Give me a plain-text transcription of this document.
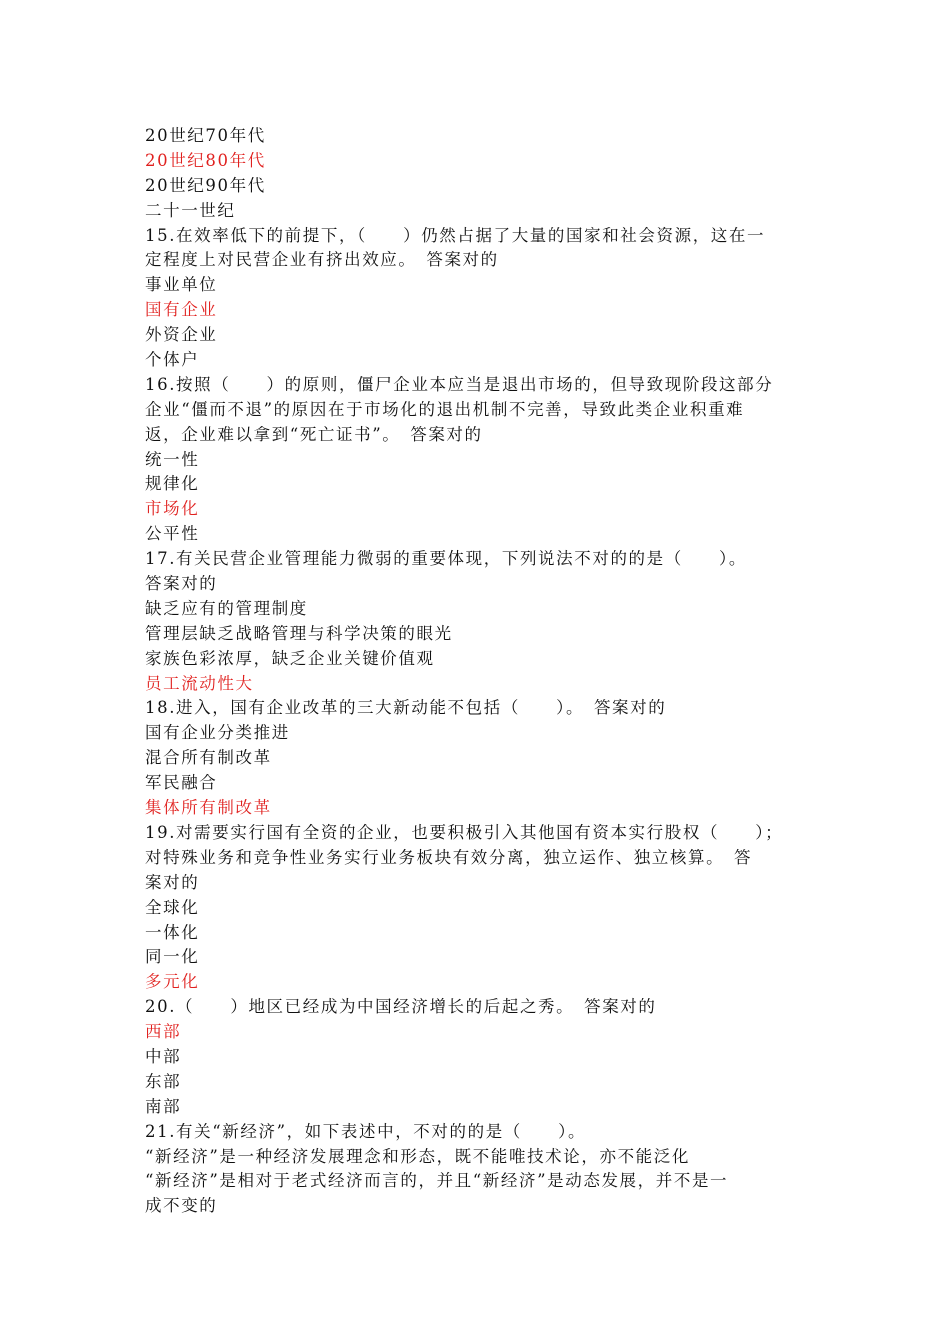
20世纪70年代
20世纪80年代
20世纪90年代
二十一世纪
15.在效率低下的前提下，（　　）仍然占据了大量的国家和社会资源，这在一
定程度上对民营企业有挤出效应。　答案对的
事业单位
国有企业
外资企业
个体户
16.按照（　　）的原则，僵尸企业本应当是退出市场的，但导致现阶段这部分
企业“僵而不退”的原因在于市场化的退出机制不完善，导致此类企业积重难
返，企业难以拿到“死亡证书”。　答案对的
统一性
规律化
市场化
公平性
17.有关民营企业管理能力微弱的重要体现，下列说法不对的的是（　　）。
答案对的
缺乏应有的管理制度
管理层缺乏战略管理与科学决策的眼光
家族色彩浓厚，缺乏企业关键价值观
员工流动性大
18.进入，国有企业改革的三大新动能不包括（　　）。　答案对的
国有企业分类推进
混合所有制改革
军民融合
集体所有制改革
19.对需要实行国有全资的企业，也要积极引入其他国有资本实行股权（　　）；
对特殊业务和竞争性业务实行业务板块有效分离，独立运作、独立核算。　答
案对的
全球化
一体化
同一化
多元化
20.（　　）地区已经成为中国经济增长的后起之秀。　答案对的
西部
中部
东部
南部
21.有关“新经济”，如下表述中，不对的的是（　　）。
“新经济”是一种经济发展理念和形态，既不能唯技术论，亦不能泛化
“新经济”是相对于老式经济而言的，并且“新经济”是动态发展，并不是一
成不变的
